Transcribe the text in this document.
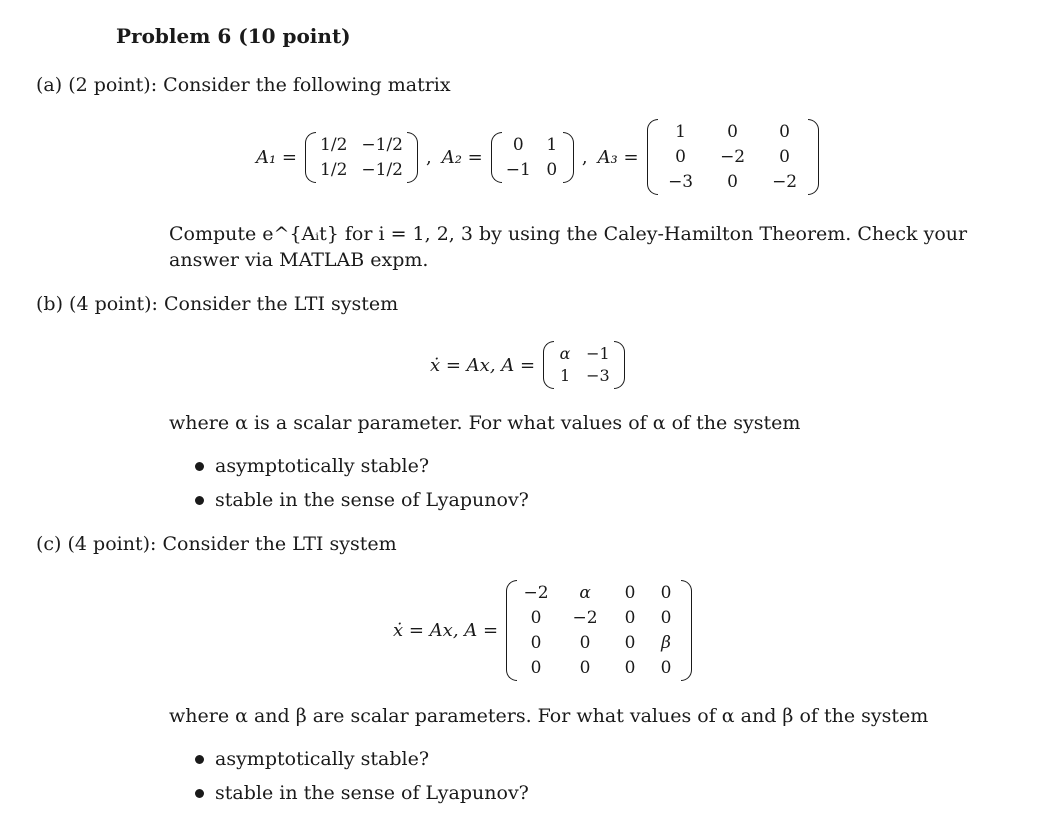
Problem 6 (10 point)
(a) (2 point): Consider the following matrix
A₁ =
1/2 −1/2
1/2 −1/2
, A₂ =
0	1
−1 0
, A₃ =
1	0	0
0	−2	0
−3	0	−2
Compute e^{Aᵢt} for i = 1, 2, 3 by using the Caley-Hamilton Theorem. Check your
answer via MATLAB expm.
(b) (4 point): Consider the LTI system
ẋ = Ax, A =
α −1
1 −3
where α is a scalar parameter. For what values of α of the system
asymptotically stable?
stable in the sense of Lyapunov?
(c) (4 point): Consider the LTI system
ẋ = Ax, A =
−2	α	0	0
0	−2	0	0
0	0	0	β
0	0	0	0
where α and β are scalar parameters. For what values of α and β of the system
asymptotically stable?
stable in the sense of Lyapunov?
